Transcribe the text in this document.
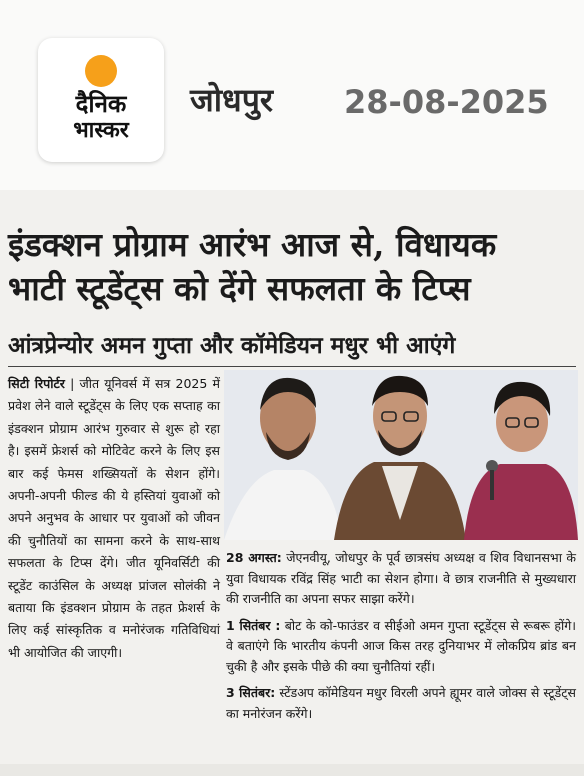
दैनिक
भास्कर
जोधपुर 28-08-2025
इंडक्शन प्रोग्राम आरंभ आज से, विधायक
भाटी स्टूडेंट्स को देंगे सफलता के टिप्स
आंत्रप्रेन्योर अमन गुप्ता और कॉमेडियन मधुर भी आएंगे
सिटी रिपोर्टर | जीत यूनिवर्स में सत्र 2025 में प्रवेश लेने वाले स्टूडेंट्स के लिए एक सप्ताह का इंडक्शन प्रोग्राम आरंभ गुरुवार से शुरू हो रहा है। इसमें फ्रेशर्स को मोटिवेट करने के लिए इस बार कई फेमस शख्सियतों के सेशन होंगे। अपनी-अपनी फील्ड की ये हस्तियां युवाओं को अपने अनुभव के आधार पर युवाओं को जीवन की चुनौतियों का सामना करने के साथ-साथ सफलता के टिप्स देंगे। जीत यूनिवर्सिटी की स्टूडेंट काउंसिल के अध्यक्ष प्रांजल सोलंकी ने बताया कि इंडक्शन प्रोग्राम के तहत फ्रेशर्स के लिए कई सांस्कृतिक व मनोरंजक गतिविधियां भी आयोजित की जाएगी।

28 अगस्त: जेएनवीयू, जोधपुर के पूर्व छात्रसंघ अध्यक्ष व शिव विधानसभा के युवा विधायक रविंद्र सिंह भाटी का सेशन होगा। वे छात्र राजनीति से मुख्यधारा की राजनीति का अपना सफर साझा करेंगे।

1 सितंबर : बोट के को-फाउंडर व सीईओ अमन गुप्ता स्टूडेंट्स से रूबरू होंगे। वे बताएंगे कि भारतीय कंपनी आज किस तरह दुनियाभर में लोकप्रिय ब्रांड बन चुकी है और इसके पीछे की क्या चुनौतियां रहीं।

3 सितंबर: स्टेंडअप कॉमेडियन मधुर विरली अपने ह्यूमर वाले जोक्स से स्टूडेंट्स का मनोरंजन करेंगे।
